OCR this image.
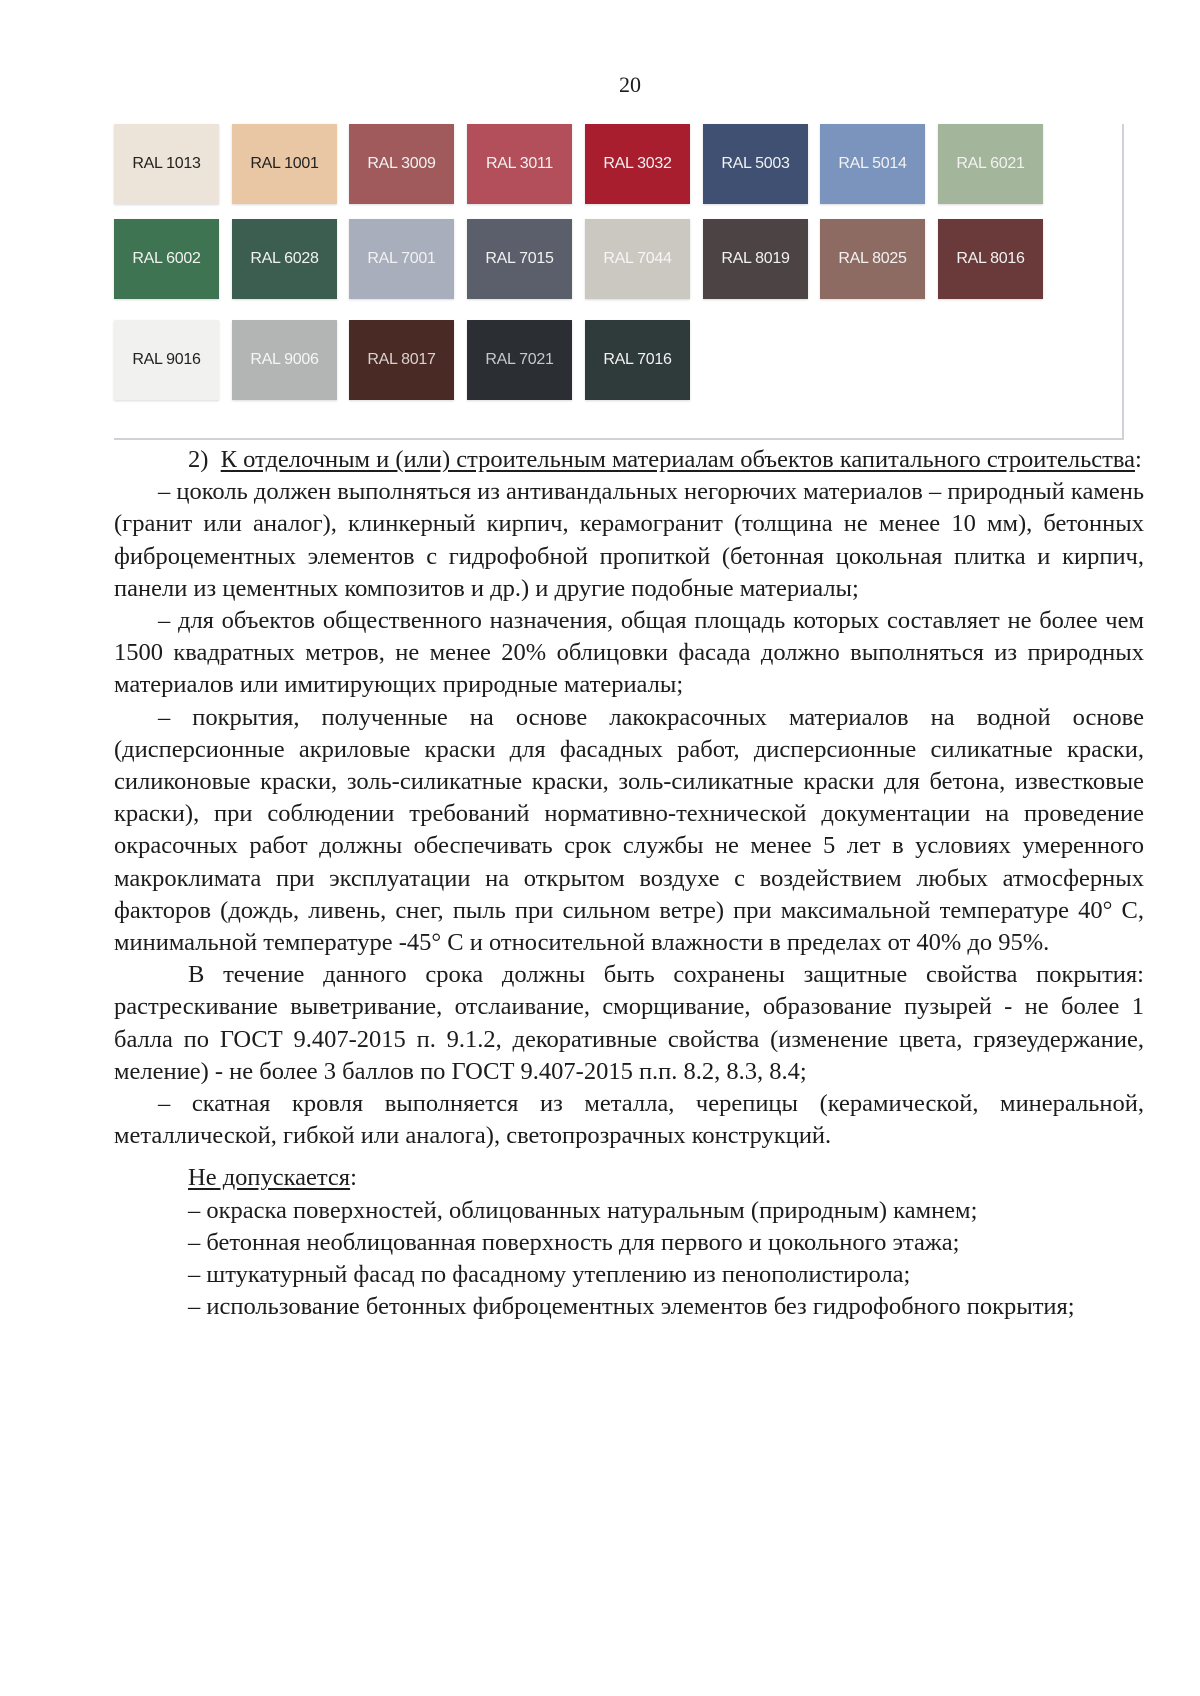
20
RAL 1013	RAL 1001	RAL 3009	RAL 3011	RAL 3032	RAL 5003	RAL 5014	RAL 6021
RAL 6002	RAL 6028	RAL 7001	RAL 7015	RAL 7044	RAL 8019	RAL 8025	RAL 8016
RAL 9016	RAL 9006	RAL 8017	RAL 7021	RAL 7016

2) К отделочным и (или) строительным материалам объектов капитального строительства:

– цоколь должен выполняться из антивандальных негорючих материалов – природный камень (гранит или аналог), клинкерный кирпич, керамогранит (толщина не менее 10 мм), бетонных фиброцементных элементов с гидрофобной пропиткой (бетонная цокольная плитка и кирпич, панели из цементных композитов и др.) и другие подобные материалы;

– для объектов общественного назначения, общая площадь которых составляет не более чем 1500 квадратных метров, не менее 20% облицовки фасада должно выполняться из природных материалов или имитирующих природные материалы;

– покрытия, полученные на основе лакокрасочных материалов на водной основе (дисперсионные акриловые краски для фасадных работ, дисперсионные силикатные краски, силиконовые краски, золь-силикатные краски, золь-силикатные краски для бетона, известковые краски), при соблюдении требований нормативно-технической документации на проведение окрасочных работ должны обеспечивать срок службы не менее 5 лет в условиях умеренного макроклимата при эксплуатации на открытом воздухе с воздействием любых атмосферных факторов (дождь, ливень, снег, пыль при сильном ветре) при максимальной температуре 40° С, минимальной температуре -45° С и относительной влажности в пределах от 40% до 95%.

В течение данного срока должны быть сохранены защитные свойства покрытия: растрескивание выветривание, отслаивание, сморщивание, образование пузырей - не более 1 балла по ГОСТ 9.407-2015 п. 9.1.2, декоративные свойства (изменение цвета, грязеудержание, меление) - не более 3 баллов по ГОСТ 9.407-2015 п.п. 8.2, 8.3, 8.4;

– скатная кровля выполняется из металла, черепицы (керамической, минеральной, металлической, гибкой или аналога), светопрозрачных конструкций.

Не допускается:

– окраска поверхностей, облицованных натуральным (природным) камнем;

– бетонная необлицованная поверхность для первого и цокольного этажа;

– штукатурный фасад по фасадному утеплению из пенополистирола;

– использование бетонных фиброцементных элементов без гидрофобного покрытия;
